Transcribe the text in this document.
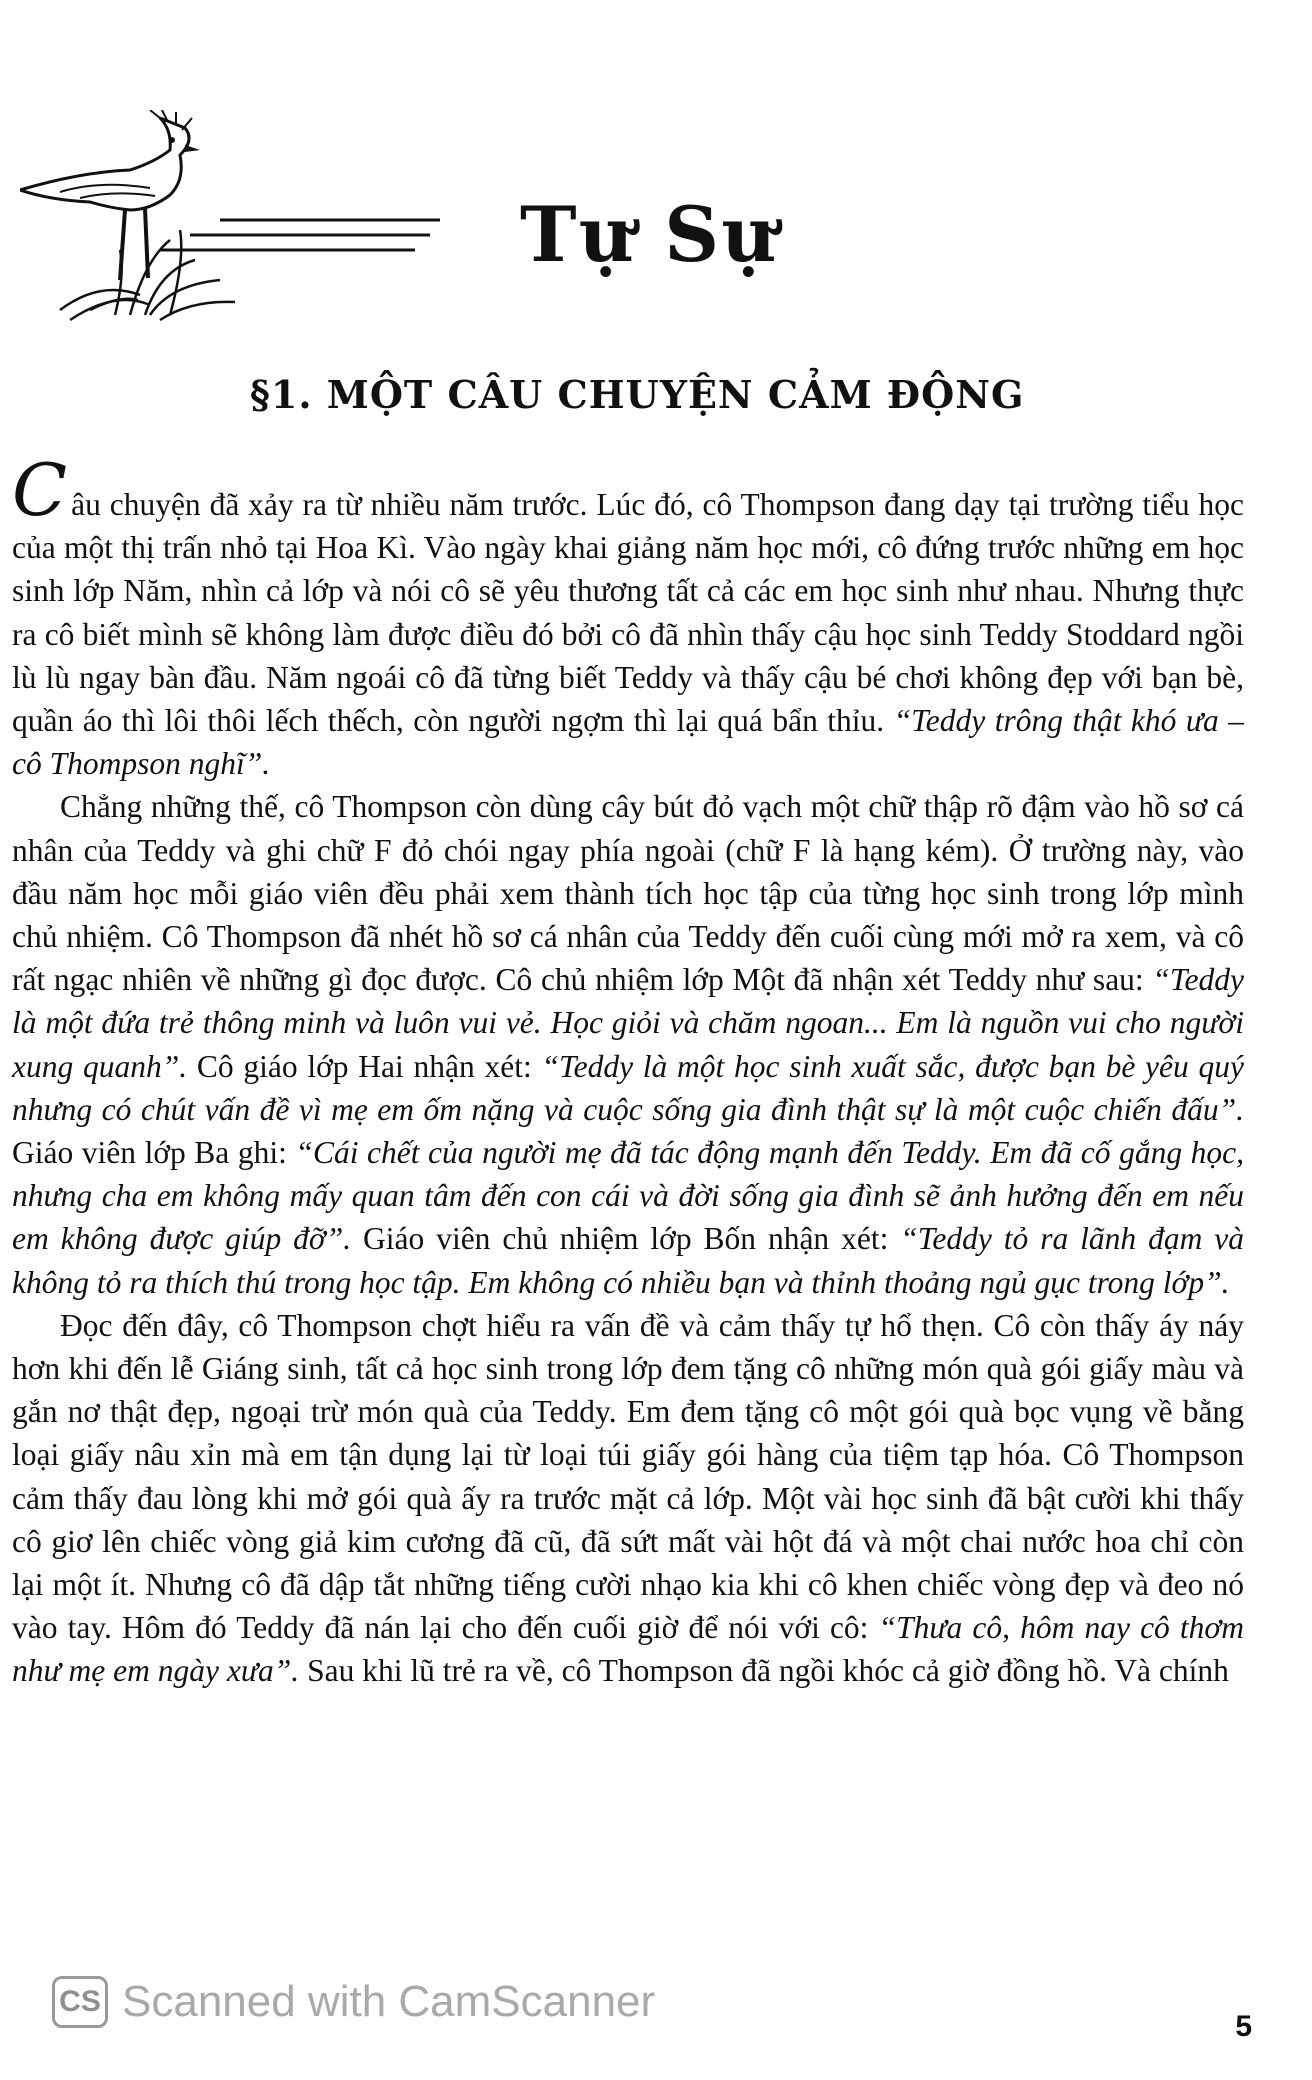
Tự Sự
§1. MỘT CÂU CHUYỆN CẢM ĐỘNG

Câu chuyện đã xảy ra từ nhiều năm trước. Lúc đó, cô Thompson đang dạy tại trường tiểu học của một thị trấn nhỏ tại Hoa Kì. Vào ngày khai giảng năm học mới, cô đứng trước những em học sinh lớp Năm, nhìn cả lớp và nói cô sẽ yêu thương tất cả các em học sinh như nhau. Nhưng thực ra cô biết mình sẽ không làm được điều đó bởi cô đã nhìn thấy cậu học sinh Teddy Stoddard ngồi lù lù ngay bàn đầu. Năm ngoái cô đã từng biết Teddy và thấy cậu bé chơi không đẹp với bạn bè, quần áo thì lôi thôi lếch thếch, còn người ngợm thì lại quá bẩn thỉu. “Teddy trông thật khó ưa – cô Thompson nghĩ”.

Chẳng những thế, cô Thompson còn dùng cây bút đỏ vạch một chữ thập rõ đậm vào hồ sơ cá nhân của Teddy và ghi chữ F đỏ chói ngay phía ngoài (chữ F là hạng kém). Ở trường này, vào đầu năm học mỗi giáo viên đều phải xem thành tích học tập của từng học sinh trong lớp mình chủ nhiệm. Cô Thompson đã nhét hồ sơ cá nhân của Teddy đến cuối cùng mới mở ra xem, và cô rất ngạc nhiên về những gì đọc được. Cô chủ nhiệm lớp Một đã nhận xét Teddy như sau: “Teddy là một đứa trẻ thông minh và luôn vui vẻ. Học giỏi và chăm ngoan... Em là nguồn vui cho người xung quanh”. Cô giáo lớp Hai nhận xét: “Teddy là một học sinh xuất sắc, được bạn bè yêu quý nhưng có chút vấn đề vì mẹ em ốm nặng và cuộc sống gia đình thật sự là một cuộc chiến đấu”. Giáo viên lớp Ba ghi: “Cái chết của người mẹ đã tác động mạnh đến Teddy. Em đã cố gắng học, nhưng cha em không mấy quan tâm đến con cái và đời sống gia đình sẽ ảnh hưởng đến em nếu em không được giúp đỡ”. Giáo viên chủ nhiệm lớp Bốn nhận xét: “Teddy tỏ ra lãnh đạm và không tỏ ra thích thú trong học tập. Em không có nhiều bạn và thỉnh thoảng ngủ gục trong lớp”.

Đọc đến đây, cô Thompson chợt hiểu ra vấn đề và cảm thấy tự hổ thẹn. Cô còn thấy áy náy hơn khi đến lễ Giáng sinh, tất cả học sinh trong lớp đem tặng cô những món quà gói giấy màu và gắn nơ thật đẹp, ngoại trừ món quà của Teddy. Em đem tặng cô một gói quà bọc vụng về bằng loại giấy nâu xỉn mà em tận dụng lại từ loại túi giấy gói hàng của tiệm tạp hóa. Cô Thompson cảm thấy đau lòng khi mở gói quà ấy ra trước mặt cả lớp. Một vài học sinh đã bật cười khi thấy cô giơ lên chiếc vòng giả kim cương đã cũ, đã sứt mất vài hột đá và một chai nước hoa chỉ còn lại một ít. Nhưng cô đã dập tắt những tiếng cười nhạo kia khi cô khen chiếc vòng đẹp và đeo nó vào tay. Hôm đó Teddy đã nán lại cho đến cuối giờ để nói với cô: “Thưa cô, hôm nay cô thơm như mẹ em ngày xưa”. Sau khi lũ trẻ ra về, cô Thompson đã ngồi khóc cả giờ đồng hồ. Và chính

CS Scanned with CamScanner
5
